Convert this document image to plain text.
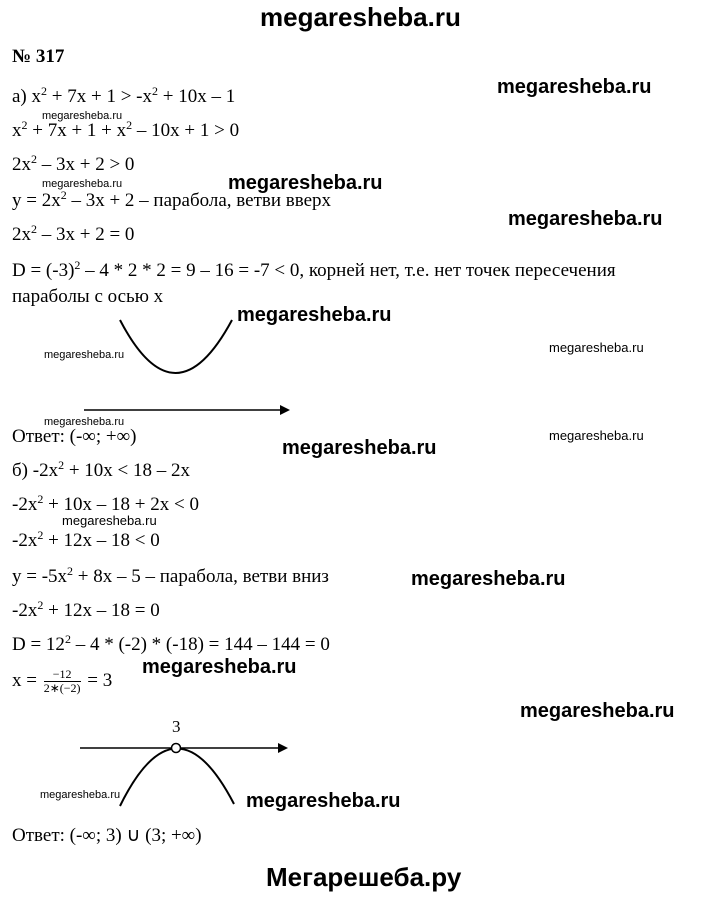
megaresheba.ru
№ 317
а) $x^2 + 7x + 1 > -x^2 + 10x - 1$
$x^2 + 7x + 1 + x^2 - 10x + 1 > 0$
$2x^2 - 3x + 2 > 0$
$y = 2x^2 - 3x + 2$ – парабола, ветви вверх
$2x^2 - 3x + 2 = 0$
$D = (-3)^2 - 4 * 2 * 2 = 9 - 16 = -7 < 0$, корней нет, т.е. нет точек пересечения
параболы с осью x
Ответ: (-∞; +∞)
б) $-2x^2 + 10x < 18 - 2x$
$-2x^2 + 10x - 18 + 2x < 0$
$-2x^2 + 12x - 18 < 0$
$y = -5x^2 + 8x - 5$ – парабола, ветви вниз
$-2x^2 + 12x - 18 = 0$
$D = 12^2 - 4 * (-2) * (-18) = 144 - 144 = 0$
$x = \frac{-12}{2∗(-2)} = 3$
3
Ответ: (-∞; 3) ∪ (3; +∞)
megaresheba.ru
megaresheba.ru
megaresheba.ru	megaresheba.ru
megaresheba.ru
megaresheba.ru
megaresheba.ru
megaresheba.ru
megaresheba.ru
megaresheba.ru
megaresheba.ru
megaresheba.ru
megaresheba.ru
megaresheba.ru
megaresheba.ru
megaresheba.ru
megaresheba.ru
Мегарешеба.ру
